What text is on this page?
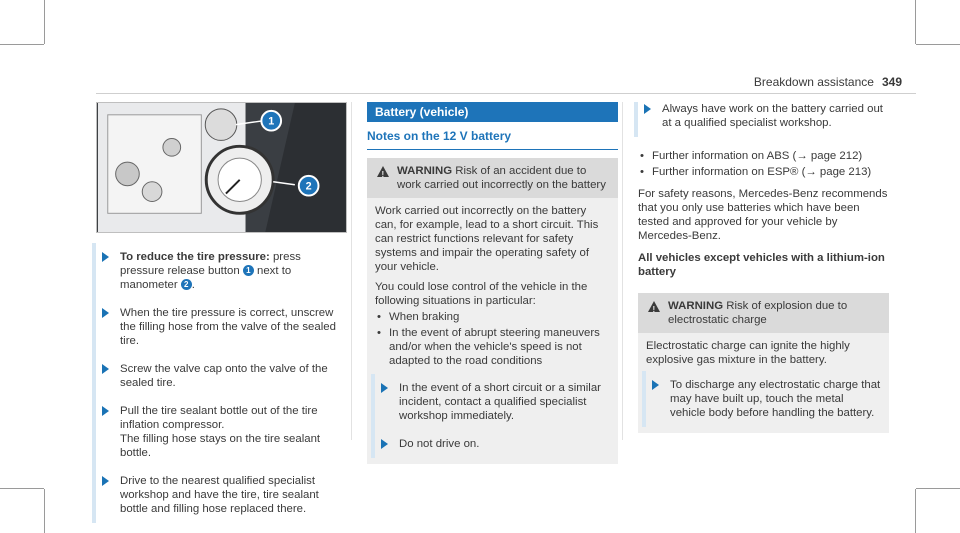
Breakdown assistance 349
1
2
To reduce the tire pressure: press pressure release button 1 next to manometer 2 .
When the tire pressure is correct, unscrew the filling hose from the valve of the sealed tire.
Screw the valve cap onto the valve of the sealed tire.

Pull the tire sealant bottle out of the tire inflation compressor.

The filling hose stays on the tire sealant bottle.

Drive to the nearest qualified specialist workshop and have the tire, tire sealant bottle and filling hose replaced there.
Battery (vehicle)
Notes on the 12 V battery
! WARNING Risk of an accident due to work carried out incorrectly on the battery

Work carried out incorrectly on the battery can, for example, lead to a short circuit. This can restrict functions relevant for safety systems and impair the operating safety of your vehicle.

You could lose control of the vehicle in the following situations in particular:

• When braking
• In the event of abrupt steering maneuvers and/or when the vehicle's speed is not adapted to the road conditions
In the event of a short circuit or a similar incident, contact a qualified specialist workshop immediately.
Do not drive on.
Always have work on the battery carried out at a qualified specialist workshop.
• Further information on ABS (→ page 212)
• Further information on ESP® (→ page 213)

For safety reasons, Mercedes-Benz recommends that you only use batteries which have been tested and approved for your vehicle by Mercedes-Benz.

All vehicles except vehicles with a lithium-ion battery

! WARNING Risk of explosion due to electrostatic charge

Electrostatic charge can ignite the highly explosive gas mixture in the battery.

To discharge any electrostatic charge that may have built up, touch the metal vehicle body before handling the battery.
